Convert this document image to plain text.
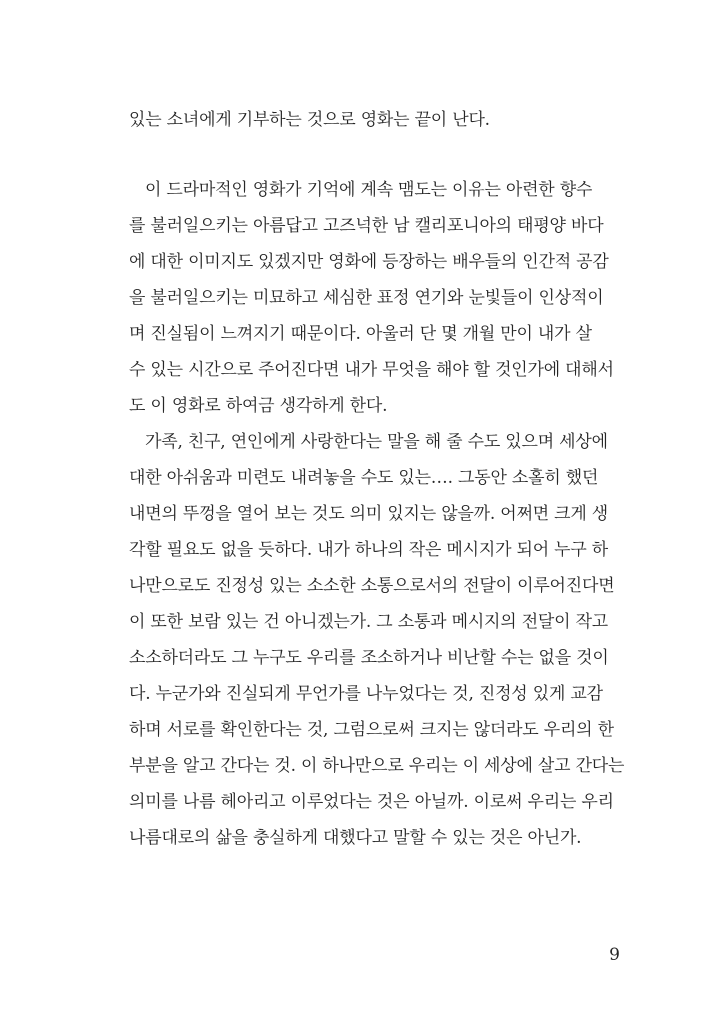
있는 소녀에게 기부하는 것으로 영화는 끝이 난다.
이 드라마적인 영화가 기억에 계속 맴도는 이유는 아련한 향수
를 불러일으키는 아름답고 고즈넉한 남 캘리포니아의 태평양 바다
에 대한 이미지도 있겠지만 영화에 등장하는 배우들의 인간적 공감
을 불러일으키는 미묘하고 세심한 표정 연기와 눈빛들이 인상적이
며 진실됨이 느껴지기 때문이다. 아울러 단 몇 개월 만이 내가 살
수 있는 시간으로 주어진다면 내가 무엇을 해야 할 것인가에 대해서
도 이 영화로 하여금 생각하게 한다.
가족, 친구, 연인에게 사랑한다는 말을 해 줄 수도 있으며 세상에
대한 아쉬움과 미련도 내려놓을 수도 있는…. 그동안 소홀히 했던
내면의 뚜껑을 열어 보는 것도 의미 있지는 않을까. 어쩌면 크게 생
각할 필요도 없을 듯하다. 내가 하나의 작은 메시지가 되어 누구 하
나만으로도 진정성 있는 소소한 소통으로서의 전달이 이루어진다면
이 또한 보람 있는 건 아니겠는가. 그 소통과 메시지의 전달이 작고
소소하더라도 그 누구도 우리를 조소하거나 비난할 수는 없을 것이
다. 누군가와 진실되게 무언가를 나누었다는 것, 진정성 있게 교감
하며 서로를 확인한다는 것, 그럼으로써 크지는 않더라도 우리의 한
부분을 알고 간다는 것. 이 하나만으로 우리는 이 세상에 살고 간다는
의미를 나름 헤아리고 이루었다는 것은 아닐까. 이로써 우리는 우리
나름대로의 삶을 충실하게 대했다고 말할 수 있는 것은 아닌가.
9
